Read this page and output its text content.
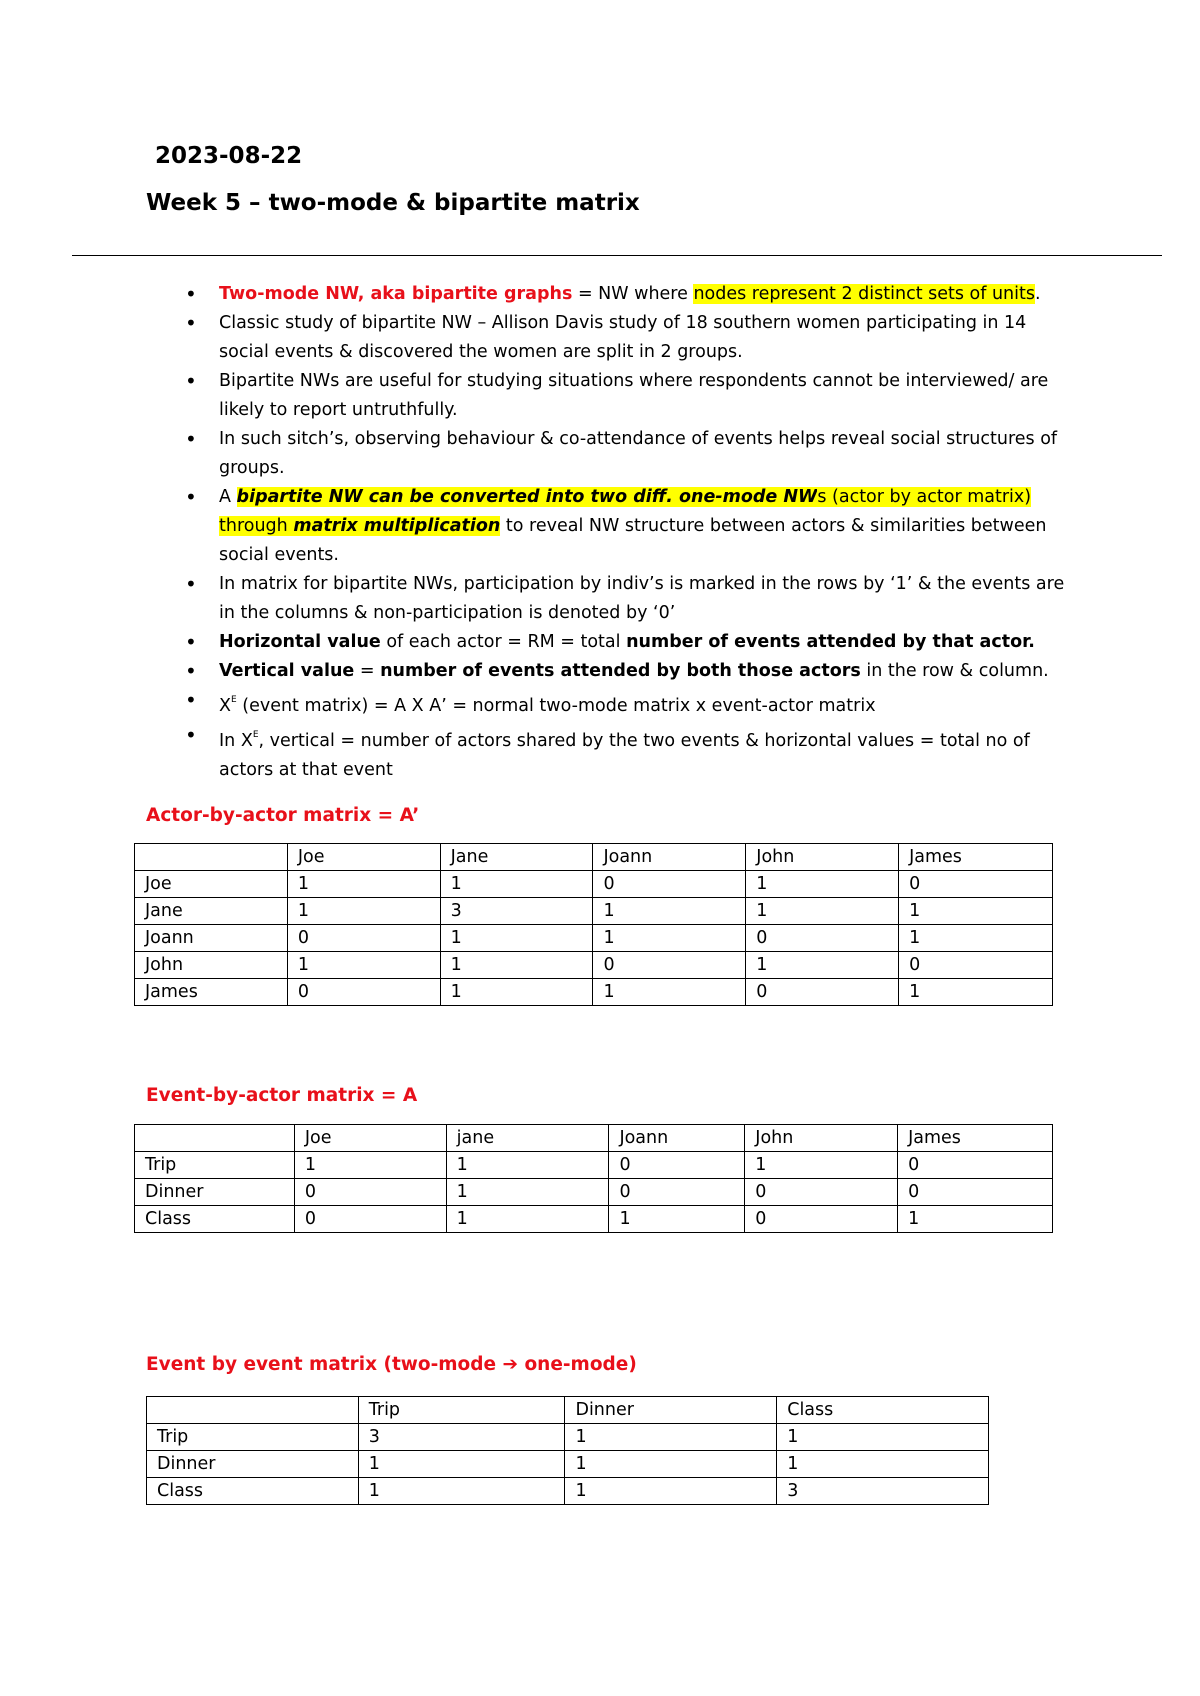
2023-08-22
Week 5 – two-mode & bipartite matrix
• Two-mode NW, aka bipartite graphs = NW where nodes represent 2 distinct sets of units.
• Classic study of bipartite NW – Allison Davis study of 18 southern women participating in 14 social events & discovered the women are split in 2 groups.
• Bipartite NWs are useful for studying situations where respondents cannot be interviewed/ are likely to report untruthfully.
• In such sitch’s, observing behaviour & co-attendance of events helps reveal social structures of groups.
• A bipartite NW can be converted into two diff. one-mode NWs (actor by actor matrix)
through matrix multiplication to reveal NW structure between actors & similarities between social events.
• In matrix for bipartite NWs, participation by indiv’s is marked in the rows by ‘1’ & the events are in the columns & non-participation is denoted by ‘0’
• Horizontal value of each actor = RM = total number of events attended by that actor.
• Vertical value = number of events attended by both those actors in the row & column.
• $X^E$ (event matrix) = A X A’ = normal two-mode matrix x event-actor matrix
• In $X^E$, vertical = number of actors shared by the two events & horizontal values = total no of actors at that event
Actor-by-actor matrix = A’
	Joe	Jane	Joann	John	James
Joe	1	1	0	1	0
Jane	1	3	1	1	1
Joann	0	1	1	0	1
John	1	1	0	1	0
James	0	1	1	0	1
Event-by-actor matrix = A
	Joe	jane	Joann	John	James
Trip	1	1	0	1	0
Dinner	0	1	0	0	0
Class	0	1	1	0	1
Event by event matrix (two-mode ➔ one-mode)
	Trip	Dinner	Class
Trip	3	1	1
Dinner	1	1	1
Class	1	1	3
